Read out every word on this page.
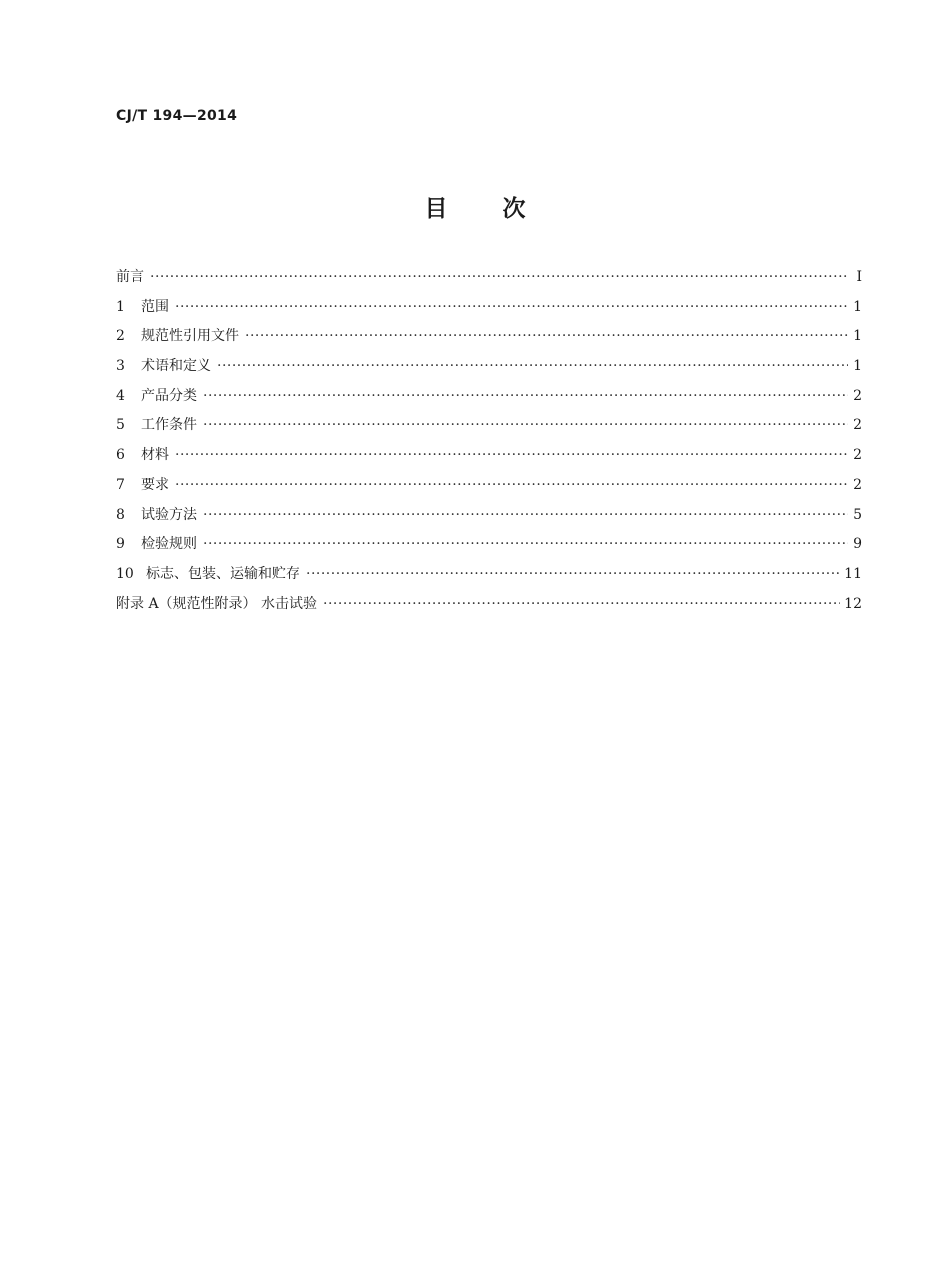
CJ/T 194—2014
目次
前言 ·····	Ⅰ
1	范围 ·····	1
2	规范性引用文件 ·····	1
3	术语和定义 ·····	1
4	产品分类 ·····	2
5	工作条件 ·····	2
6	材料 ·····	2
7	要求 ·····	2
8	试验方法 ·····	5
9	检验规则 ·····	9
10 标志、包装、运输和贮存 ·····	11
附录 A（规范性附录） 水击试验 ·····	12
